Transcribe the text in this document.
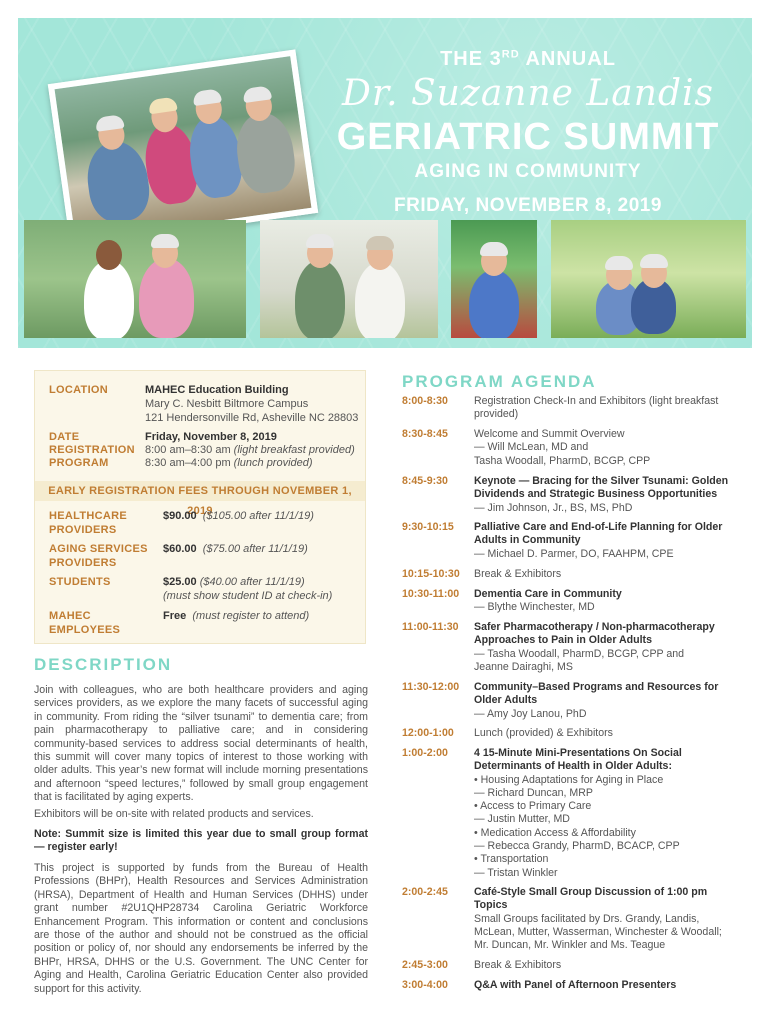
THE 3RD ANNUAL
Dr. Suzanne Landis
GERIATRIC SUMMIT
AGING IN COMMUNITY
FRIDAY, NOVEMBER 8, 2019
LOCATION	MAHEC Education Building
Mary C. Nesbitt Biltmore Campus
121 Hendersonville Rd, Asheville NC 28803
DATE	Friday, November 8, 2019
REGISTRATION 8:00 am–8:30 am (light breakfast provided)
PROGRAM	8:30 am–4:00 pm (lunch provided)
EARLY REGISTRATION FEES THROUGH NOVEMBER 1, 2019
HEALTHCARE
PROVIDERS
$90.00 ($105.00 after 11/1/19)
AGING SERVICES
PROVIDERS
$60.00 ($75.00 after 11/1/19)
STUDENTS	$25.00 ($40.00 after 11/1/19)
(must show student ID at check-in)
MAHEC
EMPLOYEES
Free (must register to attend)
DESCRIPTION

Join with colleagues, who are both healthcare providers and aging services providers, as we explore the many facets of successful aging in community. From riding the “silver tsunami” to dementia care; from pain pharmacotherapy to palliative care; and in considering community-based services to address social determinants of health, this summit will cover many topics of interest to those working with older adults. This year’s new format will include morning presentations and afternoon “speed lectures,” followed by small group engagement that is facilitated by aging experts.

Exhibitors will be on-site with related products and services.

Note: Summit size is limited this year due to small group format — register early!

This project is supported by funds from the Bureau of Health Professions (BHPr), Health Resources and Services Administration (HRSA), Department of Health and Human Services (DHHS) under grant number #2U1QHP28734 Carolina Geriatric Workforce Enhancement Program. This information or content and conclusions are those of the author and should not be construed as the official position or policy of, nor should any endorsements be inferred by the BHPr, HRSA, DHHS or the U.S. Government. The UNC Center for Aging and Health, Carolina Geriatric Education Center also provided support for this activity.

PROGRAM AGENDA
8:00-8:30	Registration Check-In and Exhibitors (light breakfast
provided)
8:30-8:45	Welcome and Summit Overview
— Will McLean, MD and
Tasha Woodall, PharmD, BCGP, CPP
8:45-9:30	Keynote — Bracing for the Silver Tsunami: Golden Dividends and Strategic Business Opportunities
— Jim Johnson, Jr., BS, MS, PhD
9:30-10:15	Palliative Care and End-of-Life Planning for Older Adults in Community
— Michael D. Parmer, DO, FAAHPM, CPE
10:15-10:30	Break & Exhibitors
10:30-11:00	Dementia Care in Community
— Blythe Winchester, MD
11:00-11:30	Safer Pharmacotherapy / Non-pharmacotherapy Approaches to Pain in Older Adults
— Tasha Woodall, PharmD, BCGP, CPP and
Jeanne Dairaghi, MS
11:30-12:00	Community–Based Programs and Resources for Older Adults
— Amy Joy Lanou, PhD
12:00-1:00	Lunch (provided) & Exhibitors
1:00-2:00	4 15-Minute Mini-Presentations On Social Determinants of Health in Older Adults:
• Housing Adaptations for Aging in Place
— Richard Duncan, MRP
• Access to Primary Care
— Justin Mutter, MD
• Medication Access & Affordability
— Rebecca Grandy, PharmD, BCACP, CPP
• Transportation
— Tristan Winkler
2:00-2:45	Café-Style Small Group Discussion of 1:00 pm Topics
Small Groups facilitated by Drs. Grandy, Landis,
McLean, Mutter, Wasserman, Winchester & Woodall;
Mr. Duncan, Mr. Winkler and Ms. Teague
2:45-3:00	Break & Exhibitors
3:00-4:00	Q&A with Panel of Afternoon Presenters
